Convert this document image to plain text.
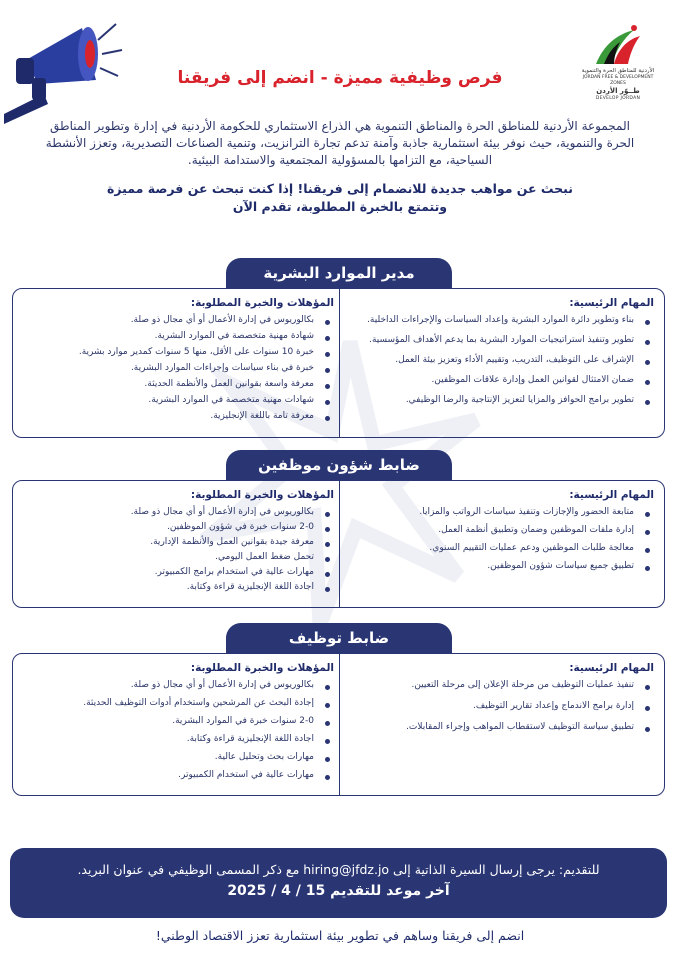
الأردنية للمناطق الحرة والتنموية
JORDAN FREE & DEVELOPMENT ZONES
طــوّر الأردن
DEVELOP JORDAN
فرص وظيفية مميزة - انضم إلى فريقنا

المجموعة الأردنية للمناطق الحرة والمناطق التنموية هي الذراع الاستثماري للحكومة الأردنية في إدارة وتطوير المناطق الحرة والتنموية، حيث نوفر بيئة استثمارية جاذبة وآمنة تدعم تجارة الترانزيت، وتنمية الصناعات التصديرية، وتعزز الأنشطة السياحية، مع التزامها بالمسؤولية المجتمعية والاستدامة البيئية.

نبحث عن مواهب جديدة للانضمام إلى فريقنا! إذا كنت تبحث عن فرصة مميزة
وتتمتع بالخبرة المطلوبة، تقدم الآن
مدير الموارد البشرية
المهام الرئيسية:
بناء وتطوير دائرة الموارد البشرية وإعداد السياسات والإجراءات الداخلية.
تطوير وتنفيذ استراتيجيات الموارد البشرية بما يدعم الأهداف المؤسسية.
الإشراف على التوظيف، التدريب، وتقييم الأداء وتعزيز بيئة العمل.
ضمان الامتثال لقوانين العمل وإدارة علاقات الموظفين.
تطوير برامج الحوافز والمزايا لتعزيز الإنتاجية والرضا الوظيفي.
المؤهلات والخبرة المطلوبة:
بكالوريوس في إدارة الأعمال أو أي مجال ذو صلة.
شهادة مهنية متخصصة في الموارد البشرية.
خبرة 10 سنوات على الأقل، منها 5 سنوات كمدير موارد بشرية.
خبرة في بناء سياسات وإجراءات الموارد البشرية.
معرفة واسعة بقوانين العمل والأنظمة الحديثة.
شهادات مهنية متخصصة في الموارد البشرية.
معرفة تامة باللغة الإنجليزية.
ضابط شؤون موظفين
المهام الرئيسية:
متابعة الحضور والإجازات وتنفيذ سياسات الرواتب والمزايا.
إدارة ملفات الموظفين وضمان وتطبيق أنظمة العمل.
معالجة طلبات الموظفين ودعم عمليات التقييم السنوي.
تطبيق جميع سياسات شؤون الموظفين.
المؤهلات والخبرة المطلوبة:
بكالوريوس في إدارة الأعمال أو أي مجال ذو صلة.
2-0 سنوات خبرة في شؤون الموظفين.
معرفة جيدة بقوانين العمل والأنظمة الإدارية.
تحمل ضغط العمل اليومي.
مهارات عالية في استخدام برامج الكمبيوتر.
اجادة اللغة الإنجليزية قراءة وكتابة.
ضابط توظيف
المهام الرئيسية:
تنفيذ عمليات التوظيف من مرحلة الإعلان إلى مرحلة التعيين.
إدارة برامج الاندماج وإعداد تقارير التوظيف.
تطبيق سياسة التوظيف لاستقطاب المواهب وإجراء المقابلات.
المؤهلات والخبرة المطلوبة:
بكالوريوس في إدارة الأعمال أو أي مجال ذو صلة.
إجادة البحث عن المرشحين واستخدام أدوات التوظيف الحديثة.
2-0 سنوات خبرة في الموارد البشرية.
اجادة اللغة الإنجليزية قراءة وكتابة.
مهارات بحث وتحليل عالية.
مهارات عالية في استخدام الكمبيوتر.
للتقديم: يرجى إرسال السيرة الذاتية إلى hiring@jfdz.jo مع ذكر المسمى الوظيفي في عنوان البريد.
آخر موعد للتقديم 15 / 4 / 2025
انضم إلى فريقنا وساهم في تطوير بيئة استثمارية تعزز الاقتصاد الوطني!
